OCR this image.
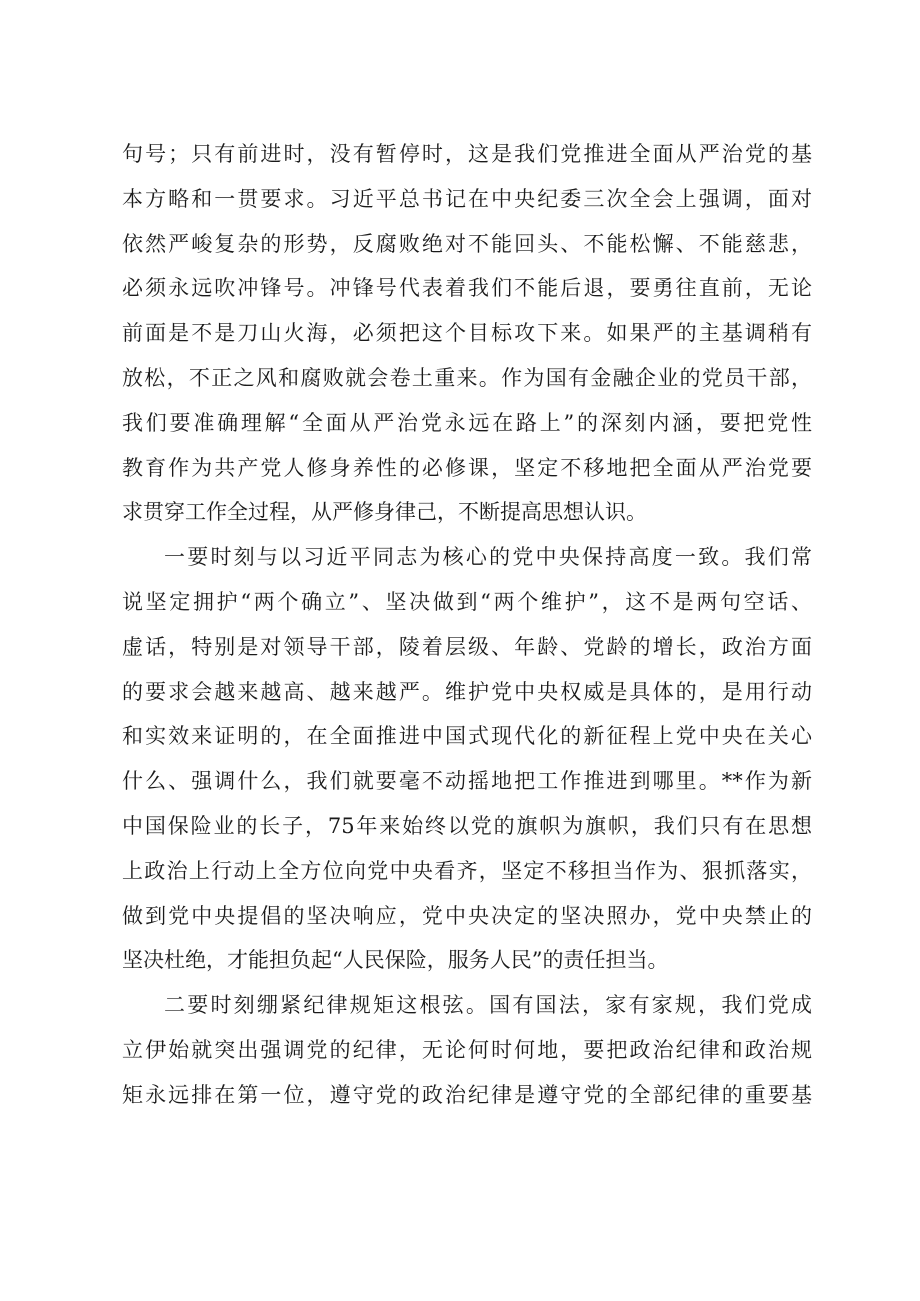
句号；只有前进时，没有暂停时，这是我们党推进全面从严治党的基
本方略和一贯要求。习近平总书记在中央纪委三次全会上强调，面对
依然严峻复杂的形势，反腐败绝对不能回头、不能松懈、不能慈悲，
必须永远吹冲锋号。冲锋号代表着我们不能后退，要勇往直前，无论
前面是不是刀山火海，必须把这个目标攻下来。如果严的主基调稍有
放松，不正之风和腐败就会卷土重来。作为国有金融企业的党员干部，
我们要准确理解“全面从严治党永远在路上”的深刻内涵，要把党性
教育作为共产党人修身养性的必修课，坚定不移地把全面从严治党要
求贯穿工作全过程，从严修身律己，不断提高思想认识。
一要时刻与以习近平同志为核心的党中央保持高度一致。我们常
说坚定拥护“两个确立”、坚决做到“两个维护”，这不是两句空话、
虚话，特别是对领导干部，陵着层级、年龄、党龄的增长，政治方面
的要求会越来越高、越来越严。维护党中央权威是具体的，是用行动
和实效来证明的，在全面推进中国式现代化的新征程上党中央在关心
什么、强调什么，我们就要毫不动摇地把工作推进到哪里。**作为新
中国保险业的长子，75年来始终以党的旗帜为旗帜，我们只有在思想
上政治上行动上全方位向党中央看齐，坚定不移担当作为、狠抓落实，
做到党中央提倡的坚决响应，党中央决定的坚决照办，党中央禁止的
坚决杜绝，才能担负起“人民保险，服务人民”的责任担当。
二要时刻绷紧纪律规矩这根弦。国有国法，家有家规，我们党成
立伊始就突出强调党的纪律，无论何时何地，要把政治纪律和政治规
矩永远排在第一位，遵守党的政治纪律是遵守党的全部纪律的重要基
